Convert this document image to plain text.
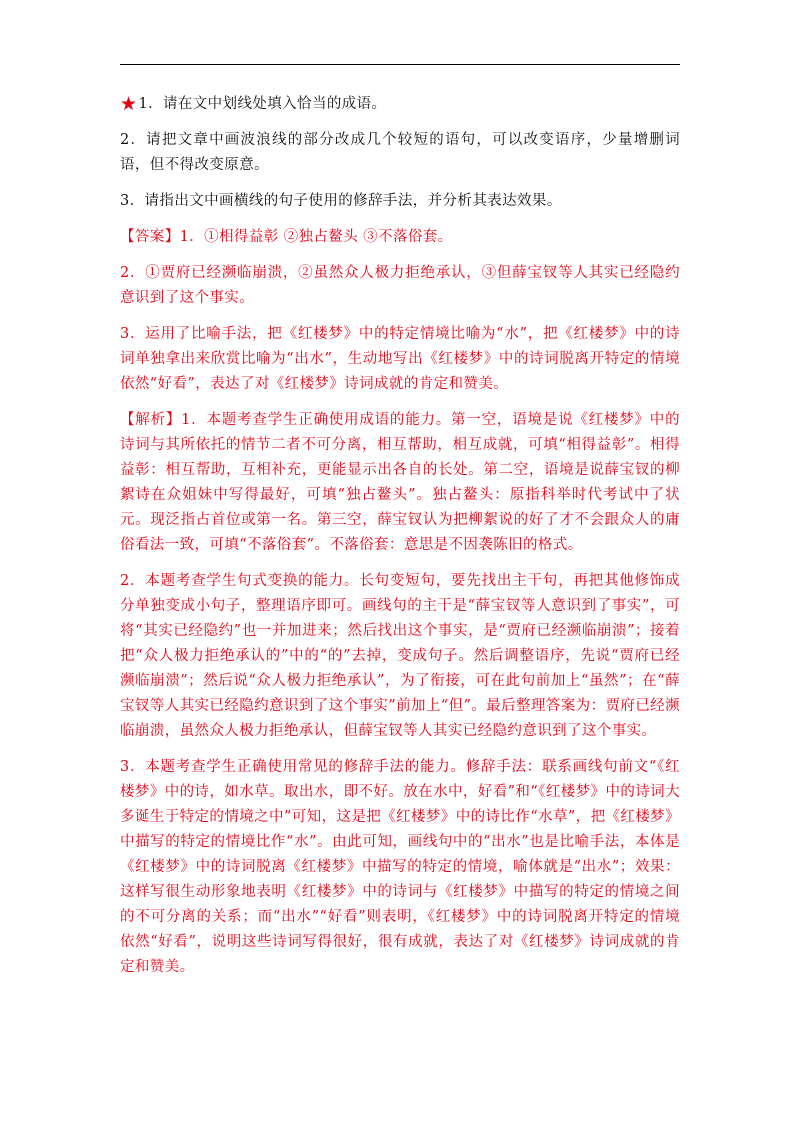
★1．请在文中划线处填入恰当的成语。

2．请把文章中画波浪线的部分改成几个较短的语句，可以改变语序，少量增删词语，但不得改变原意。

3．请指出文中画横线的句子使用的修辞手法，并分析其表达效果。

【答案】1．①相得益彰 ②独占鳌头 ③不落俗套。

2．①贾府已经濒临崩溃，②虽然众人极力拒绝承认，③但薛宝钗等人其实已经隐约意识到了这个事实。

3．运用了比喻手法，把《红楼梦》中的特定情境比喻为“水”，把《红楼梦》中的诗词单独拿出来欣赏比喻为“出水”，生动地写出《红楼梦》中的诗词脱离开特定的情境依然“好看”，表达了对《红楼梦》诗词成就的肯定和赞美。

【解析】1．本题考查学生正确使用成语的能力。第一空，语境是说《红楼梦》中的诗词与其所依托的情节二者不可分离，相互帮助，相互成就，可填“相得益彰”。相得益彰：相互帮助，互相补充，更能显示出各自的长处。第二空，语境是说薛宝钗的柳絮诗在众姐妹中写得最好，可填“独占鳌头”。独占鳌头：原指科举时代考试中了状元。现泛指占首位或第一名。第三空，薛宝钗认为把柳絮说的好了才不会跟众人的庸俗看法一致，可填“不落俗套”。不落俗套：意思是不因袭陈旧的格式。

2．本题考查学生句式变换的能力。长句变短句，要先找出主干句，再把其他修饰成分单独变成小句子，整理语序即可。画线句的主干是“薛宝钗等人意识到了事实”，可将“其实已经隐约”也一并加进来；然后找出这个事实，是“贾府已经濒临崩溃”；接着把“众人极力拒绝承认的”中的“的”去掉，变成句子。然后调整语序，先说“贾府已经濒临崩溃”；然后说“众人极力拒绝承认”，为了衔接，可在此句前加上“虽然”；在“薛宝钗等人其实已经隐约意识到了这个事实”前加上“但”。最后整理答案为：贾府已经濒临崩溃，虽然众人极力拒绝承认，但薛宝钗等人其实已经隐约意识到了这个事实。

3．本题考查学生正确使用常见的修辞手法的能力。修辞手法：联系画线句前文“《红楼梦》中的诗，如水草。取出水，即不好。放在水中，好看”和“《红楼梦》中的诗词大多诞生于特定的情境之中”可知，这是把《红楼梦》中的诗比作“水草”，把《红楼梦》中描写的特定的情境比作“水”。由此可知，画线句中的“出水”也是比喻手法，本体是《红楼梦》中的诗词脱离《红楼梦》中描写的特定的情境，喻体就是“出水”；效果：这样写很生动形象地表明《红楼梦》中的诗词与《红楼梦》中描写的特定的情境之间的不可分离的关系；而“出水”“好看”则表明，《红楼梦》中的诗词脱离开特定的情境依然“好看”，说明这些诗词写得很好，很有成就，表达了对《红楼梦》诗词成就的肯定和赞美。
